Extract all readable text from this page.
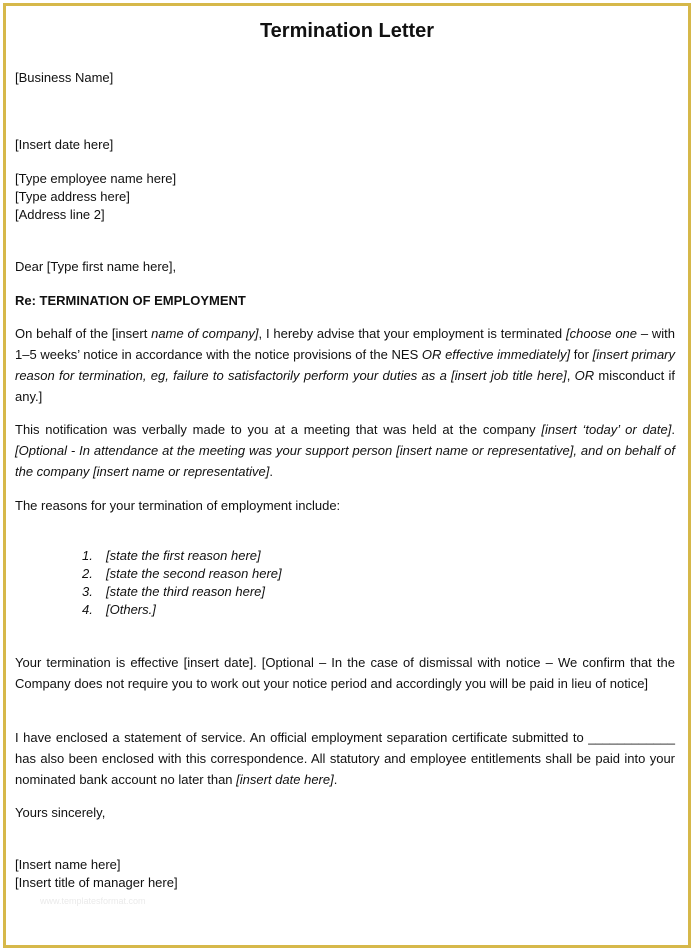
Termination Letter
[Business Name]
[Insert date here]
[Type employee name here]
[Type address here]
[Address line 2]
Dear [Type first name here],
Re: TERMINATION OF EMPLOYMENT
On behalf of the [insert name of company], I hereby advise that your employment is terminated [choose one – with 1–5 weeks’ notice in accordance with the notice provisions of the NES OR effective immediately] for [insert primary reason for termination, eg, failure to satisfactorily perform your duties as a [insert job title here], OR misconduct if any.]
This notification was verbally made to you at a meeting that was held at the company [insert ‘today’ or date]. [Optional - In attendance at the meeting was your support person [insert name or representative], and on behalf of the company [insert name or representative].
The reasons for your termination of employment include:
1. [state the first reason here]
2. [state the second reason here]
3. [state the third reason here]
4. [Others.]
Your termination is effective [insert date]. [Optional – In the case of dismissal with notice – We confirm that the Company does not require you to work out your notice period and accordingly you will be paid in lieu of notice]
I have enclosed a statement of service. An official employment separation certificate submitted to ____________ has also been enclosed with this correspondence. All statutory and employee entitlements shall be paid into your nominated bank account no later than [insert date here].
Yours sincerely,
[Insert name here]
[Insert title of manager here]
www.templatesformat.com
